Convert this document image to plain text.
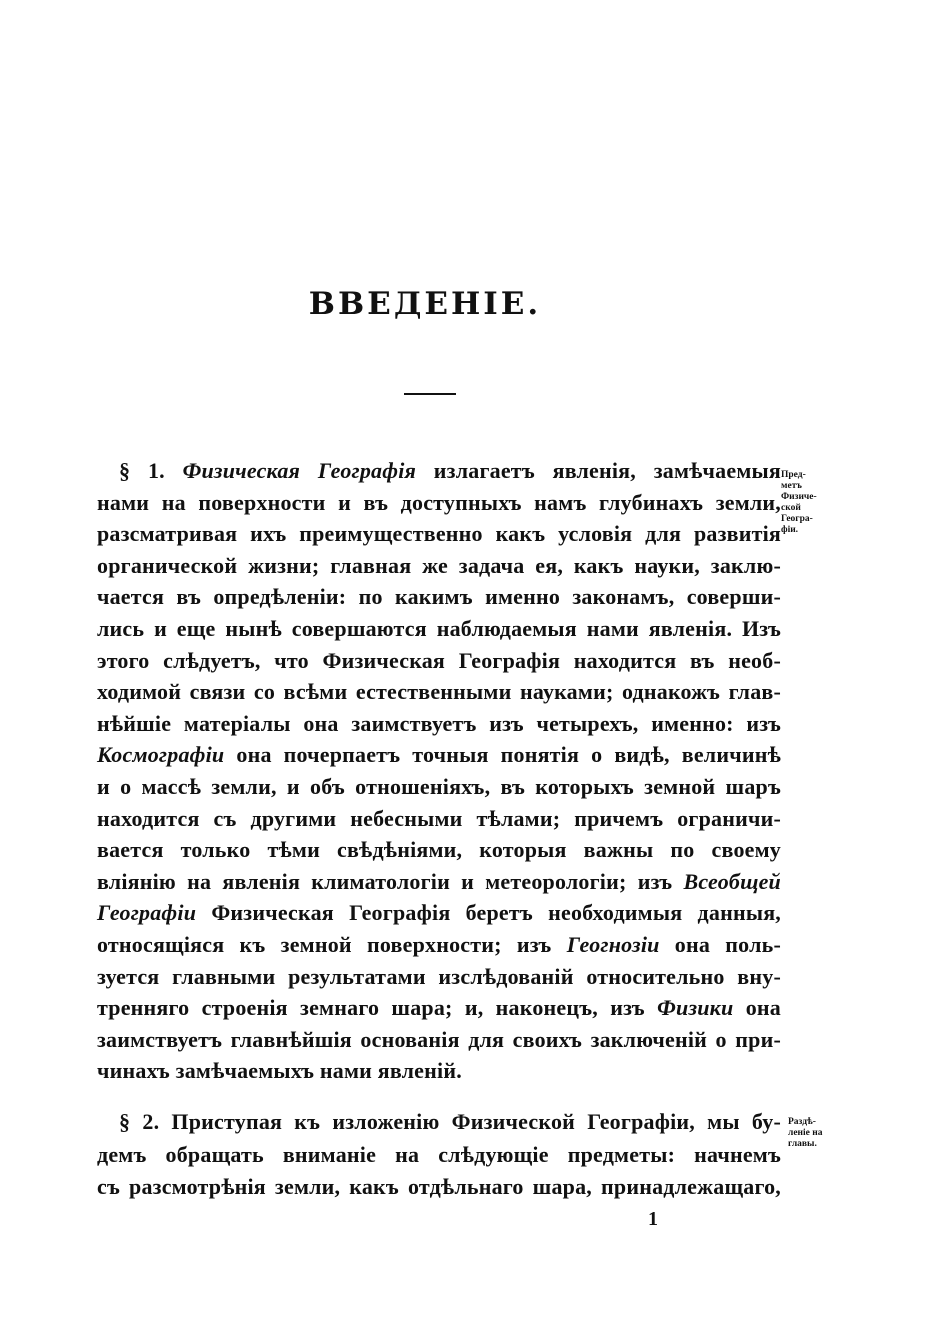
ВВЕДЕНІЕ.
§ 1. Физическая Географія излагаетъ явленія, замѣчаемыя
нами на поверхности и въ доступныхъ намъ глубинахъ земли,
разсматривая ихъ преимущественно какъ условія для развитія
органической жизни; главная же задача ея, какъ науки, заклю-
чается въ опредѣленіи: по какимъ именно законамъ, соверши-
лись и еще нынѣ совершаются наблюдаемыя нами явленія. Изъ
этого слѣдуетъ, что Физическая Географія находится въ необ-
ходимой связи со всѣми естественными науками; однакожъ глав-
нѣйшіе матеріалы она заимствуетъ изъ четырехъ, именно: изъ
Космографіи она почерпаетъ точныя понятія о видѣ, величинѣ
и о массѣ земли, и объ отношеніяхъ, въ которыхъ земной шаръ
находится съ другими небесными тѣлами; причемъ ограничи-
вается только тѣми свѣдѣніями, которыя важны по своему
вліянію на явленія климатологіи и метеорологіи; изъ Всеобщей
Географіи Физическая Географія беретъ необходимыя данныя,
относящіяся къ земной поверхности; изъ Геогнозіи она поль-
зуется главными результатами изслѣдованій относительно вну-
тренняго строенія земнаго шара; и, наконецъ, изъ Физики она
заимствуетъ главнѣйшія основанія для своихъ заключеній о при-
чинахъ замѣчаемыхъ нами явленій.
§ 2. Приступая къ изложенію Физической Географіи, мы бу-
демъ обращать вниманіе на слѣдующіе предметы: начнемъ
съ разсмотрѣнія земли, какъ отдѣльнаго шара, принадлежащаго,
Пред-
метъ
Физиче-
ской
Геогра-
фіи.
Раздѣ-
леніе на
главы.
1
